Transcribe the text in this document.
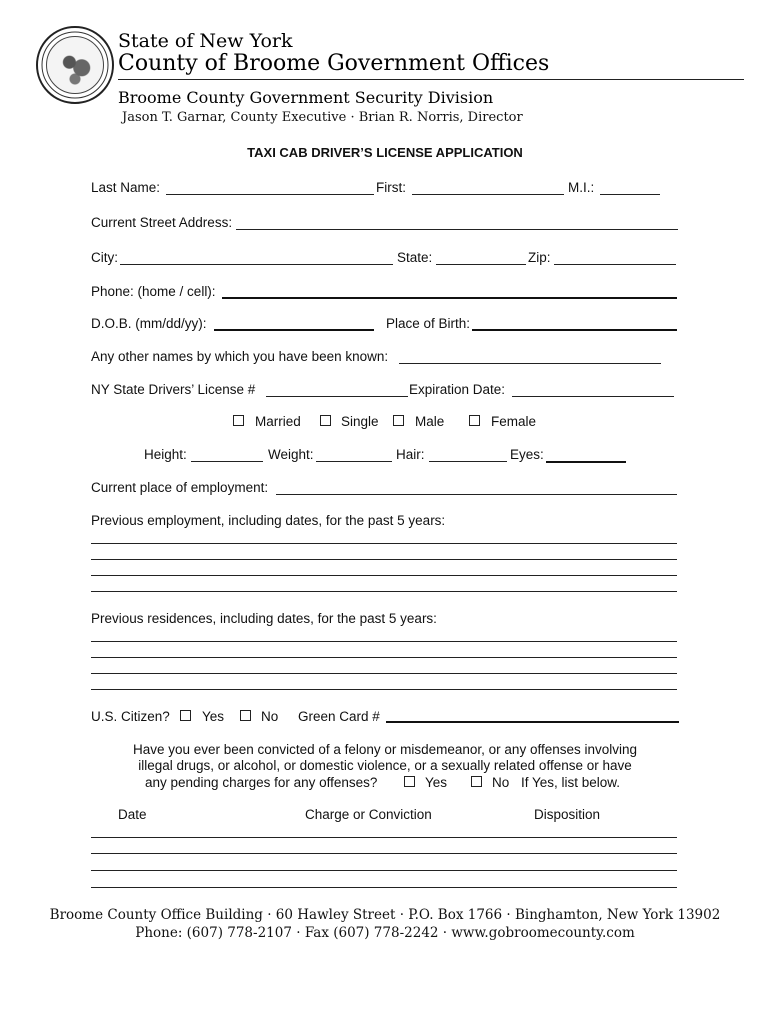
State of New York
County of Broome Government Offices
Broome County Government Security Division
Jason T. Garnar, County Executive · Brian R. Norris, Director
TAXI CAB DRIVER’S LICENSE APPLICATION
Last Name:	First:	M.I.:
Current Street Address:
City:	State:	Zip:
Phone: (home / cell):
D.O.B. (mm/dd/yy):	Place of Birth:
Any other names by which you have been known:
NY State Drivers’ License #	Expiration Date:
Married	Single	Male	Female
Height:	Weight:	Hair:	Eyes:
Current place of employment:
Previous employment, including dates, for the past 5 years:
Previous residences, including dates, for the past 5 years:
U.S. Citizen? Yes	No Green Card #
Have you ever been convicted of a felony or misdemeanor, or any offenses involving
illegal drugs, or alcohol, or domestic violence, or a sexually related offense or have
any pending charges for any offenses?	Yes	No If Yes, list below.
Date	Charge or Conviction	Disposition
Broome County Office Building · 60 Hawley Street · P.O. Box 1766 · Binghamton, New York 13902
Phone: (607) 778-2107 · Fax (607) 778-2242 · www.gobroomecounty.com
